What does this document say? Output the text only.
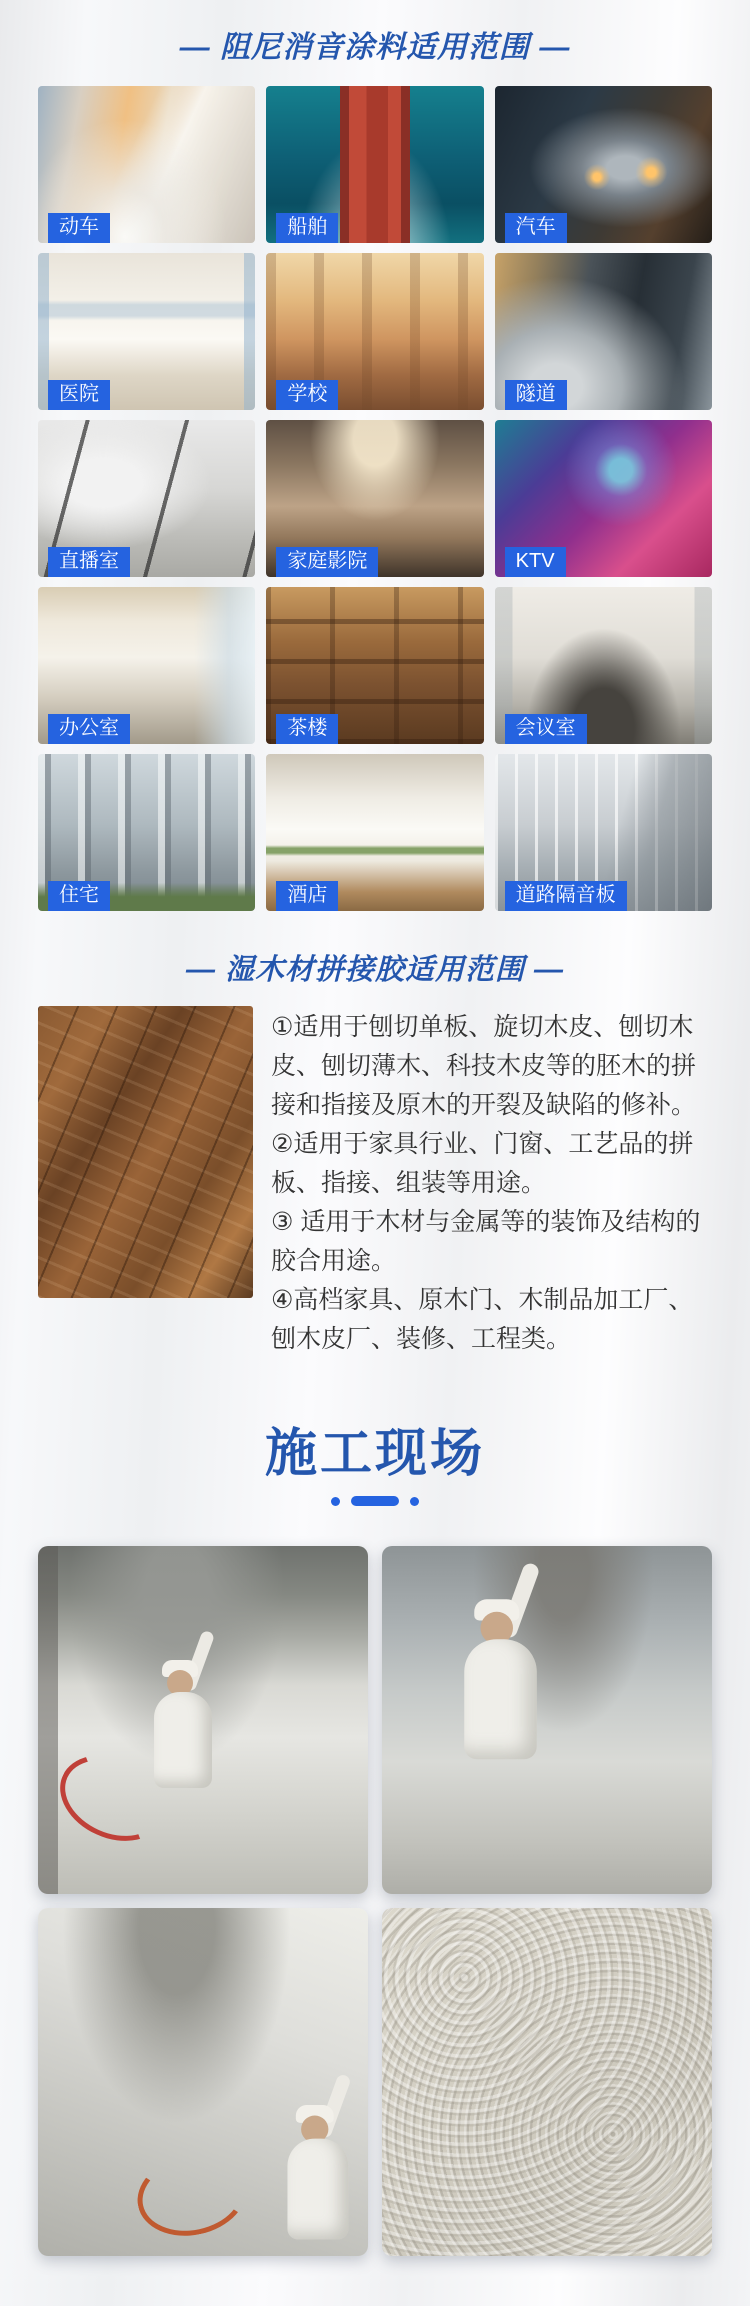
— 阻尼消音涂料适用范围 —
动车	船舶	汽车
医院	学校	隧道
直播室	家庭影院	KTV
办公室	茶楼	会议室
住宅	酒店	道路隔音板
— 湿木材拼接胶适用范围 —

①适用于刨切单板、旋切木皮、刨切木皮、刨切薄木、科技木皮等的胚木的拼接和指接及原木的开裂及缺陷的修补。

②适用于家具行业、门窗、工艺品的拼板、指接、组装等用途。

③ 适用于木材与金属等的装饰及结构的胶合用途。

④高档家具、原木门、木制品加工厂、刨木皮厂、装修、工程类。

施工现场
